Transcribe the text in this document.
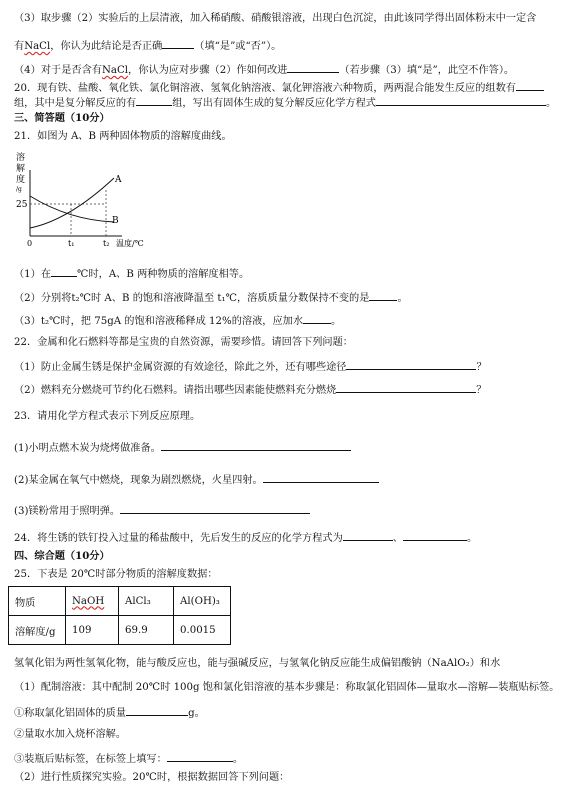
（3）取步骤（2）实验后的上层清液，加入稀硝酸、硝酸银溶液，出现白色沉淀，由此该同学得出固体粉末中一定含
有NaCl，你认为此结论是否正确	（填“是”或“否”）。
（4）对于是否含有NaCl，你认为应对步骤（2）作如何改进	（若步骤（3）填“是”，此空不作答）。
20．现有铁、盐酸、氧化铁、氯化铜溶液、氢氧化钠溶液、氯化钾溶液六种物质，两两混合能发生反应的组数有
组，其中是复分解反应的有	组，写出有固体生成的复分解反应化学方程式	。
三、简答题（10分）
21．如图为 A、B 两种固体物质的溶解度曲线。
溶
解
度
/g
25
A
B
0	t₁	t₂ 温度/℃
（1）在	℃时，A、B 两种物质的溶解度相等。
（2）分别将t₂℃时 A、B 的饱和溶液降温至 t₁℃，溶质质量分数保持不变的是	。
（3）t₂℃时，把 75gA 的饱和溶液稀释成 12%的溶液，应加水	。
22．金属和化石燃料等都是宝贵的自然资源，需要珍惜。请回答下列问题：
（1）防止金属生锈是保护金属资源的有效途径，除此之外，还有哪些途径	？
（2）燃料充分燃烧可节约化石燃料。请指出哪些因素能使燃料充分燃烧	？
23．请用化学方程式表示下列反应原理。
(1)小明点燃木炭为烧烤做准备。
(2)某金属在氧气中燃烧，现象为剧烈燃烧，火星四射。
(3)镁粉常用于照明弹。
24．将生锈的铁钉投入过量的稀盐酸中，先后发生的反应的化学方程式为	、	。
四、综合题（10分）
25．下表是 20℃时部分物质的溶解度数据：
物质	NaOH	AlCl₃	Al(OH)₃
溶解度/g	109	69.9	0.0015
氢氧化铝为两性氢氧化物，能与酸反应也，能与强碱反应，与氢氧化钠反应能生成偏铝酸钠（NaAlO₂）和水
（1）配制溶液：其中配制 20℃时 100g 饱和氯化铝溶液的基本步骤是：称取氯化铝固体—量取水—溶解—装瓶贴标签。
①称取氯化铝固体的质量	g。
②量取水加入烧杯溶解。
③装瓶后贴标签，在标签上填写：	。
（2）进行性质探究实验。20℃时，根据数据回答下列问题：
